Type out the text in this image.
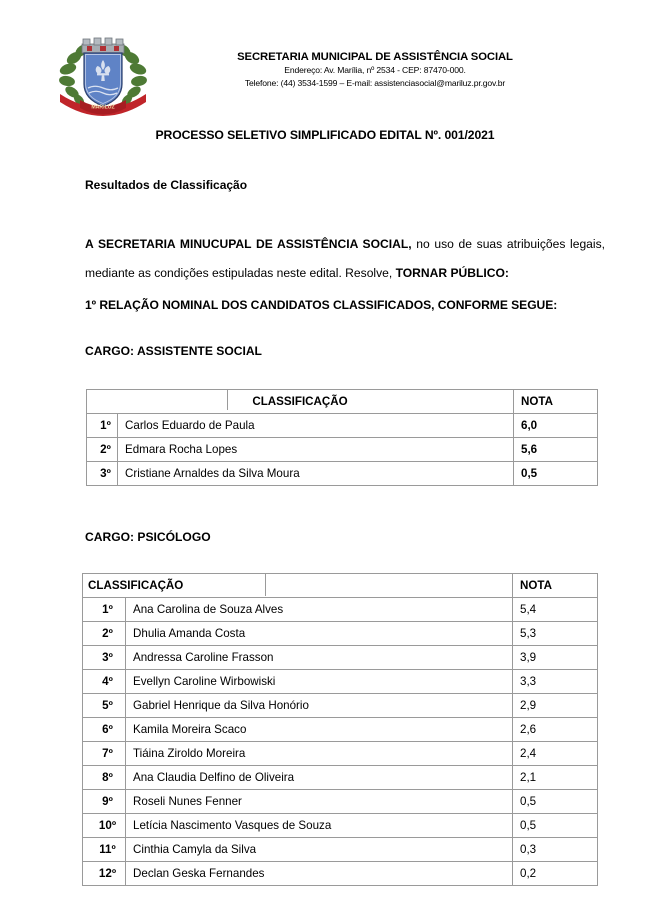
MARILUZ
SECRETARIA MUNICIPAL DE ASSISTÊNCIA SOCIAL
Endereço: Av. Marília, nº 2534 - CEP: 87470-000.
Telefone: (44) 3534-1599 – E-mail: assistenciasocial@mariluz.pr.gov.br
PROCESSO SELETIVO SIMPLIFICADO EDITAL Nº. 001/2021
Resultados de Classificação
A SECRETARIA MINUCUPAL DE ASSISTÊNCIA SOCIAL, no uso de suas atribuições legais, mediante as condições estipuladas neste edital. Resolve, TORNAR PÚBLICO:
1º RELAÇÃO NOMINAL DOS CANDIDATOS CLASSIFICADOS, CONFORME SEGUE:
CARGO: ASSISTENTE SOCIAL
CLASSIFICAÇÃO		NOTA
1º	Carlos Eduardo de Paula	6,0
2º	Edmara Rocha Lopes	5,6
3º	Cristiane Arnaldes da Silva Moura	0,5
CARGO: PSICÓLOGO
CLASSIFICAÇÃO		NOTA
1º	Ana Carolina de Souza Alves	5,4
2º	Dhulia Amanda Costa	5,3
3º	Andressa Caroline Frasson	3,9
4º	Evellyn Caroline Wirbowiski	3,3
5º	Gabriel Henrique da Silva Honório	2,9
6º	Kamila Moreira Scaco	2,6
7º	Tiáina Ziroldo Moreira	2,4
8º	Ana Claudia Delfino de Oliveira	2,1
9º	Roseli Nunes Fenner	0,5
10º	Letícia Nascimento Vasques de Souza	0,5
11º	Cinthia Camyla da Silva	0,3
12º	Declan Geska Fernandes	0,2
